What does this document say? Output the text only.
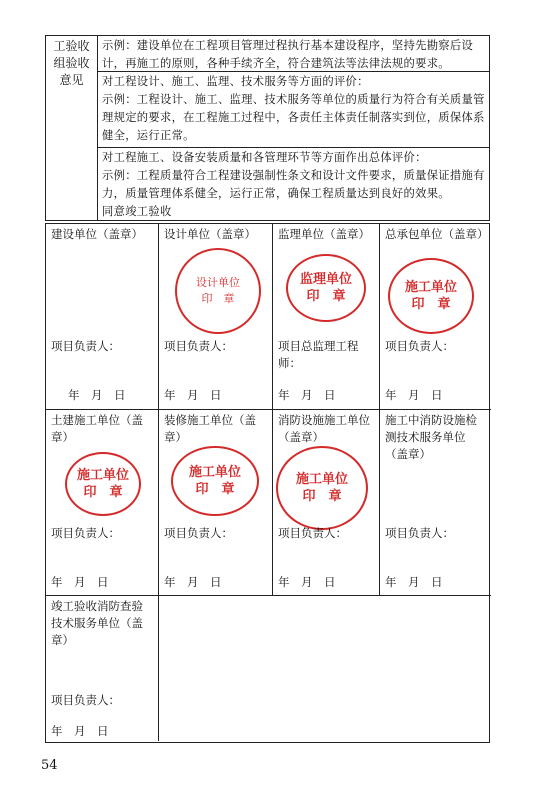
工验收组验收意见
示例：建设单位在工程项目管理过程执行基本建设程序，坚持先勘察后设计，再施工的原则，各种手续齐全，符合建筑法等法律法规的要求。
对工程设计、施工、监理、技术服务等方面的评价：
示例：工程设计、施工、监理、技术服务等单位的质量行为符合有关质量管理规定的要求，在工程施工过程中，各责任主体责任制落实到位，质保体系健全，运行正常。
对工程施工、设备安装质量和各管理环节等方面作出总体评价：
示例：工程质量符合工程建设强制性条文和设计文件要求，质量保证措施有力，质量管理体系健全，运行正常，确保工程质量达到良好的效果。
同意竣工验收
建设单位（盖章）
项目负责人：
年　月　日
设计单位（盖章）
设计单位
印　章
项目负责人：
年　月　日
监理单位（盖章）
监理单位
印　章
项目总监理工程师：
年　月　日
总承包单位（盖章）
施工单位
印　章
项目负责人：
年　月　日
土建施工单位（盖章）
施工单位
印　章
项目负责人：
年　月　日
装修施工单位（盖章）
施工单位
印　章
项目负责人：
年　月　日
消防设施施工单位（盖章）
施工单位
印　章
项目负责人：
年　月　日
施工中消防设施检测技术服务单位（盖章）
项目负责人：
年　月　日
竣工验收消防查验技术服务单位（盖章）
项目负责人：
年　月　日
54
